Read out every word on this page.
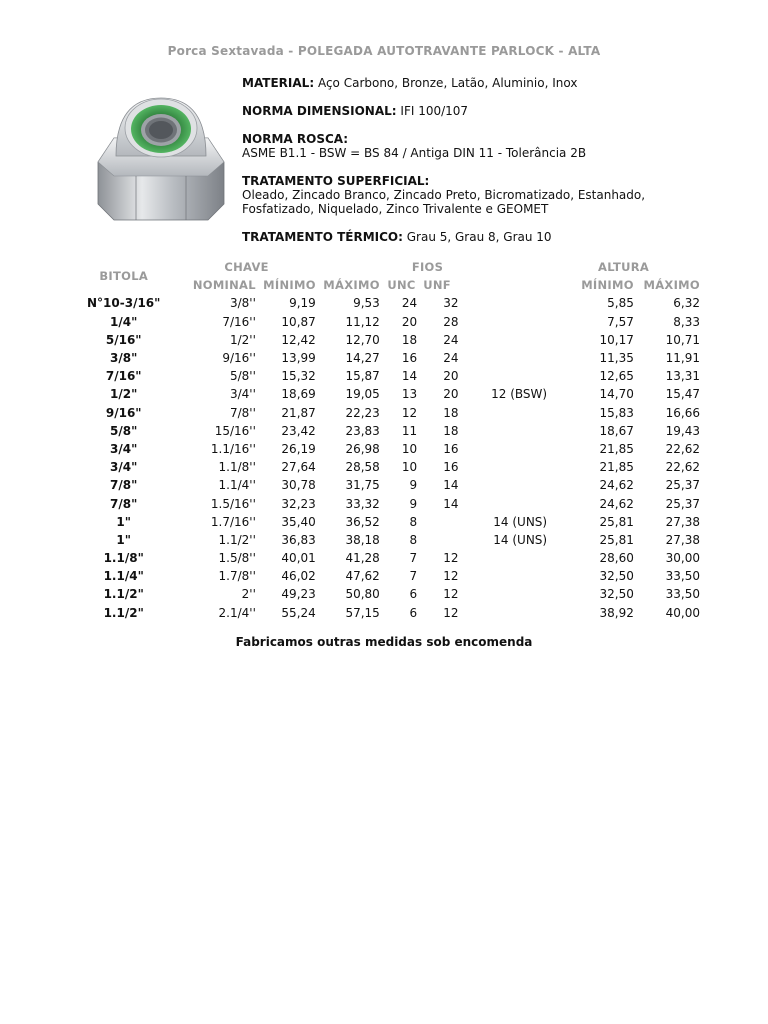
Porca Sextavada - POLEGADA AUTOTRAVANTE PARLOCK - ALTA
MATERIAL: Aço Carbono, Bronze, Latão, Aluminio, Inox
NORMA DIMENSIONAL: IFI 100/107
NORMA ROSCA:
ASME B1.1 - BSW = BS 84 / Antiga DIN 11 - Tolerância 2B
TRATAMENTO SUPERFICIAL:
Oleado, Zincado Branco, Zincado Preto, Bicromatizado, Estanhado,
Fosfatizado, Niquelado, Zinco Trivalente e GEOMET
TRATAMENTO TÉRMICO: Grau 5, Grau 8, Grau 10
BITOLA	CHAVE			FIOS			ALTURA	
	NOMINAL	MÍNIMO	MÁXIMO	UNC	UNF		MÍNIMO	MÁXIMO
N°10-3/16"	3/8''	9,19	9,53	24	32		5,85	6,32
1/4"	7/16''	10,87	11,12	20	28		7,57	8,33
5/16"	1/2''	12,42	12,70	18	24		10,17	10,71
3/8"	9/16''	13,99	14,27	16	24		11,35	11,91
7/16"	5/8''	15,32	15,87	14	20		12,65	13,31
1/2"	3/4''	18,69	19,05	13	20	12 (BSW)	14,70	15,47
9/16"	7/8''	21,87	22,23	12	18		15,83	16,66
5/8"	15/16''	23,42	23,83	11	18		18,67	19,43
3/4"	1.1/16''	26,19	26,98	10	16		21,85	22,62
3/4"	1.1/8''	27,64	28,58	10	16		21,85	22,62
7/8"	1.1/4''	30,78	31,75	9	14		24,62	25,37
7/8"	1.5/16''	32,23	33,32	9	14		24,62	25,37
1"	1.7/16''	35,40	36,52	8		14 (UNS)	25,81	27,38
1"	1.1/2''	36,83	38,18	8		14 (UNS)	25,81	27,38
1.1/8"	1.5/8''	40,01	41,28	7	12		28,60	30,00
1.1/4"	1.7/8''	46,02	47,62	7	12		32,50	33,50
1.1/2"	2''	49,23	50,80	6	12		32,50	33,50
1.1/2"	2.1/4''	55,24	57,15	6	12		38,92	40,00
Fabricamos outras medidas sob encomenda
